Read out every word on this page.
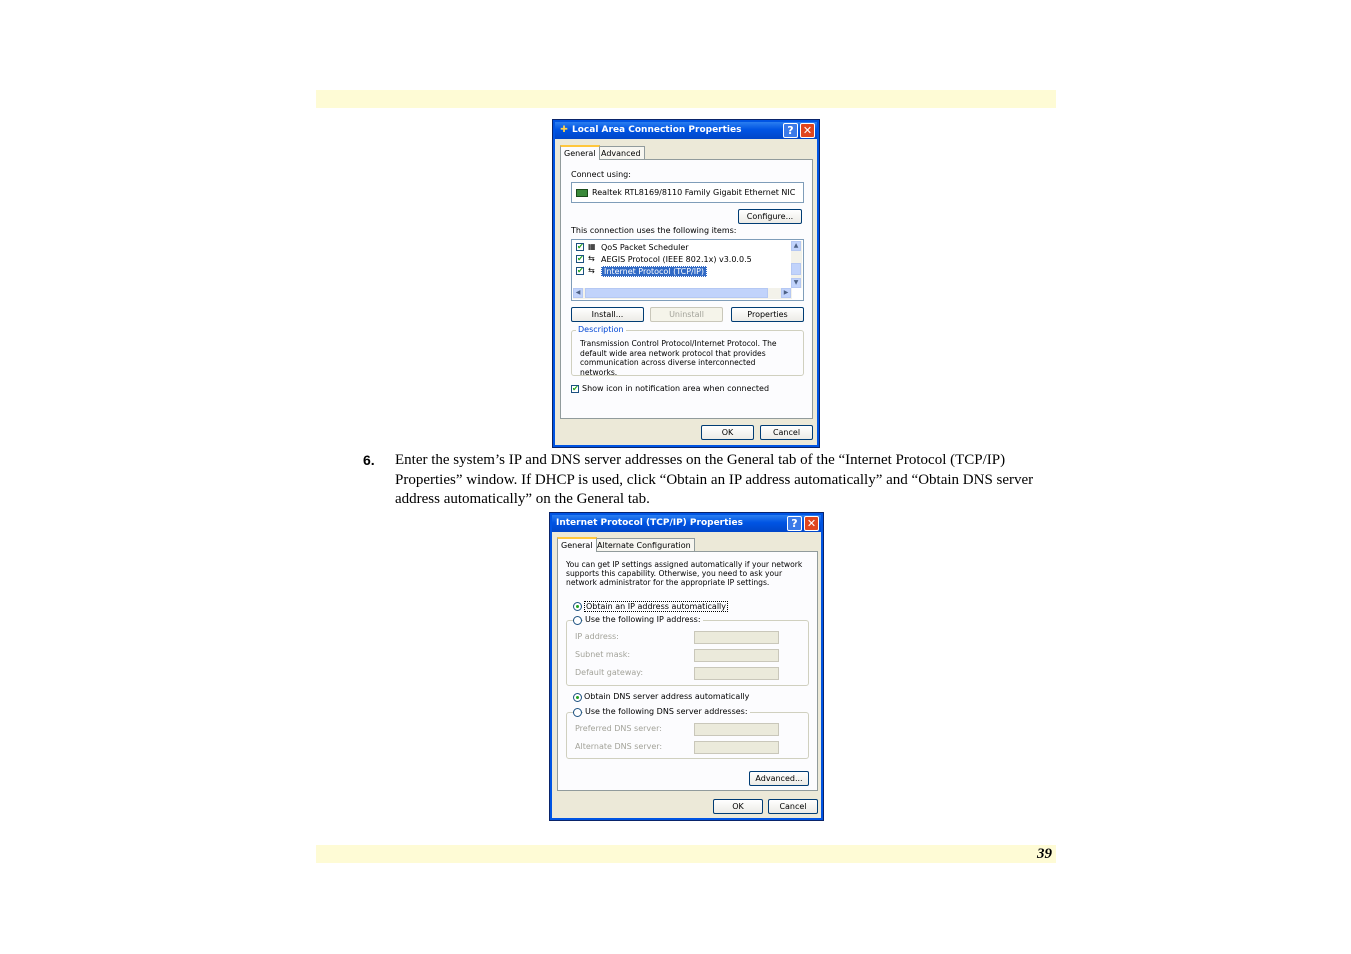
✚ Local Area Connection Properties	? ✕
General Advanced
Connect using:
Realtek RTL8169/8110 Family Gigabit Ethernet NIC
Configure...
This connection uses the following items:
✔ ▦ QoS Packet Scheduler
✔ ⇆ AEGIS Protocol (IEEE 802.1x) v3.0.0.5
✔ ⇆	Internet Protocol (TCP/IP)
▲
▼
◀	▶
Install...	Uninstall	Properties
Description
Transmission Control Protocol/Internet Protocol. The default wide area network protocol that provides communication across diverse interconnected networks.
✔ Show icon in notification area when connected
OK	Cancel
6. Enter the system’s IP and DNS server addresses on the General tab of the “Internet Protocol (TCP/IP) Properties” window. If DHCP is used, click “Obtain an IP address automatically” and “Obtain DNS server address automatically” on the General tab.
Internet Protocol (TCP/IP) Properties	? ✕
General Alternate Configuration
You can get IP settings assigned automatically if your network supports this capability. Otherwise, you need to ask your network administrator for the appropriate IP settings.
Obtain an IP address automatically
Use the following IP address:
IP address:
Subnet mask:
Default gateway:
Obtain DNS server address automatically
Use the following DNS server addresses:
Preferred DNS server:
Alternate DNS server:
Advanced...
OK	Cancel
39
